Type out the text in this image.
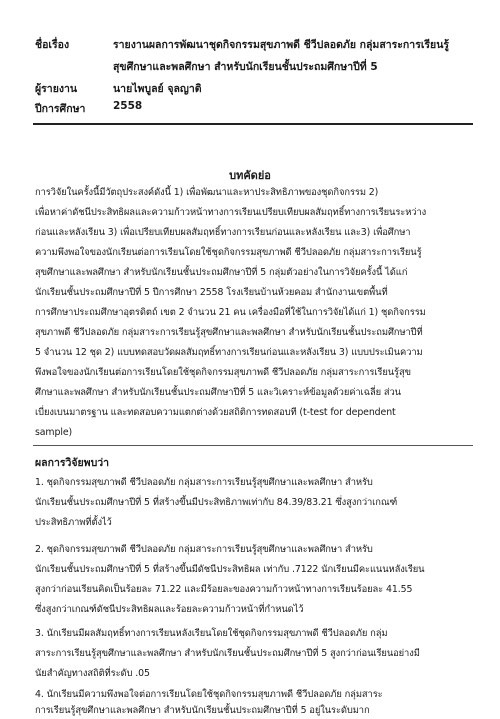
ชื่อเรื่อง	รายงานผลการพัฒนาชุดกิจกรรมสุขภาพดี ชีวีปลอดภัย กลุ่มสาระการเรียนรู้
สุขศึกษาและพลศึกษา สำหรับนักเรียนชั้นประถมศึกษาปีที่ 5
ผู้รายงาน	นายไพบูลย์ จุลญาติ
ปีการศึกษา	2558
บทคัดย่อ
การวิจัยในครั้งนี้มีวัตถุประสงค์ดังนี้ 1) เพื่อพัฒนาและหาประสิทธิภาพของชุดกิจกรรม 2)
เพื่อหาค่าดัชนีประสิทธิผลและความก้าวหน้าทางการเรียนเปรียบเทียบผลสัมฤทธิ์ทางการเรียนระหว่าง
ก่อนและหลังเรียน 3) เพื่อเปรียบเทียบผลสัมฤทธิ์ทางการเรียนก่อนและหลังเรียน และ3) เพื่อศึกษา
ความพึงพอใจของนักเรียนต่อการเรียนโดยใช้ชุดกิจกรรมสุขภาพดี ชีวีปลอดภัย กลุ่มสาระการเรียนรู้
สุขศึกษาและพลศึกษา สำหรับนักเรียนชั้นประถมศึกษาปีที่ 5 กลุ่มตัวอย่างในการวิจัยครั้งนี้ ได้แก่
นักเรียนชั้นประถมศึกษาปีที่ 5 ปีการศึกษา 2558 โรงเรียนบ้านห้วยคอม สำนักงานเขตพื้นที่
การศึกษาประถมศึกษาอุตรดิตถ์ เขต 2 จำนวน 21 คน เครื่องมือที่ใช้ในการวิจัยได้แก่ 1) ชุดกิจกรรม
สุขภาพดี ชีวีปลอดภัย กลุ่มสาระการเรียนรู้สุขศึกษาและพลศึกษา สำหรับนักเรียนชั้นประถมศึกษาปีที่
5 จำนวน 12 ชุด 2) แบบทดสอบวัดผลสัมฤทธิ์ทางการเรียนก่อนและหลังเรียน 3) แบบประเมินความ
พึงพอใจของนักเรียนต่อการเรียนโดยใช้ชุดกิจกรรมสุขภาพดี ชีวีปลอดภัย กลุ่มสาระการเรียนรู้สุข
ศึกษาและพลศึกษา สำหรับนักเรียนชั้นประถมศึกษาปีที่ 5 และวิเคราะห์ข้อมูลด้วยค่าเฉลี่ย ส่วน
เบี่ยงเบนมาตรฐาน และทดสอบความแตกต่างด้วยสถิติการทดสอบที (t-test for dependent
sample)
ผลการวิจัยพบว่า
1. ชุดกิจกรรมสุขภาพดี ชีวีปลอดภัย กลุ่มสาระการเรียนรู้สุขศึกษาและพลศึกษา สำหรับ
นักเรียนชั้นประถมศึกษาปีที่ 5 ที่สร้างขึ้นมีประสิทธิภาพเท่ากับ 84.39/83.21 ซึ่งสูงกว่าเกณฑ์
ประสิทธิภาพที่ตั้งไว้
2. ชุดกิจกรรมสุขภาพดี ชีวีปลอดภัย กลุ่มสาระการเรียนรู้สุขศึกษาและพลศึกษา สำหรับ
นักเรียนชั้นประถมศึกษาปีที่ 5 ที่สร้างขึ้นมีดัชนีประสิทธิผล เท่ากับ .7122 นักเรียนมีคะแนนหลังเรียน
สูงกว่าก่อนเรียนคิดเป็นร้อยละ 71.22 และมีร้อยละของความก้าวหน้าทางการเรียนร้อยละ 41.55
ซึ่งสูงกว่าเกณฑ์ดัชนีประสิทธิผลและร้อยละความก้าวหน้าที่กำหนดไว้
3. นักเรียนมีผลสัมฤทธิ์ทางการเรียนหลังเรียนโดยใช้ชุดกิจกรรมสุขภาพดี ชีวีปลอดภัย กลุ่ม
สาระการเรียนรู้สุขศึกษาและพลศึกษา สำหรับนักเรียนชั้นประถมศึกษาปีที่ 5 สูงกว่าก่อนเรียนอย่างมี
นัยสำคัญทางสถิติที่ระดับ .05
4. นักเรียนมีความพึงพอใจต่อการเรียนโดยใช้ชุดกิจกรรมสุขภาพดี ชีวีปลอดภัย กลุ่มสาระ
การเรียนรู้สุขศึกษาและพลศึกษา สำหรับนักเรียนชั้นประถมศึกษาปีที่ 5 อยู่ในระดับมาก
